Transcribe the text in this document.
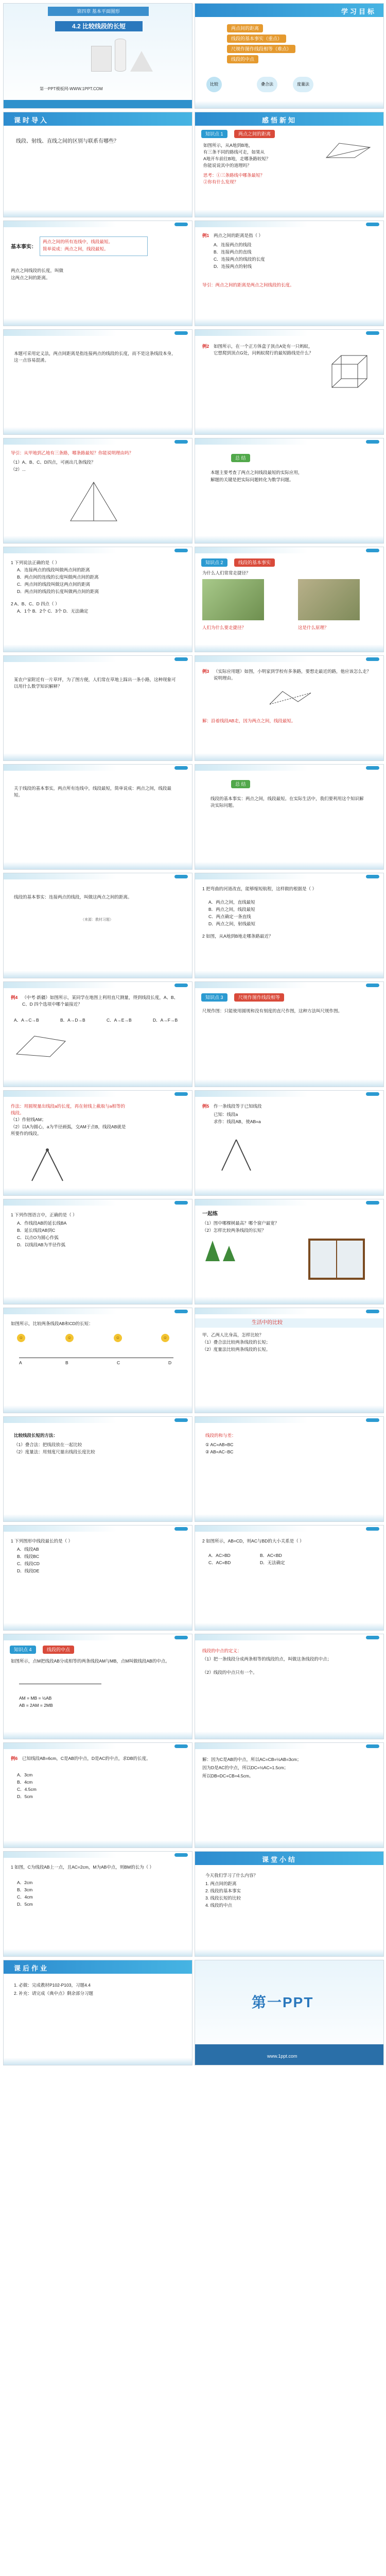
第四章 基本平面图形
4.2 比较线段的长短
第一PPT模板网-WWW.1PPT.COM
学习目标
两点间的距离
线段的基本事实（重点）
尺规作图作线段相等（难点）
线段的中点
比较	叠合法	度量法
课时导入
线段、射线、直线之间的区别与联系有哪些？
感悟新知
知识点 1	两点之间的距离
如图所示，从A地到B地，
有三条不同的路线可走，如果从
A地开车前往B地，走哪条路较短？
你能说说其中的道理吗？
思考：①三条路线中哪条最短？
②你有什么发现？
基本事实：
两点之间的所有连线中，线段最短。
简单说成：两点之间，线段最短。
两点之间线段的长度，叫做
这两点之间的距离。
例1 两点之间的距离是指（ ）
A．连接两点的线段
B．连接两点的直线
C．连接两点的线段的长度
D．连接两点的射线
导引：两点之间的距离是两点之间线段的长度。
本题可采用定义法，两点间距离是指连接两点的线段的长度，而不是这条线段本身，这一点容易混淆。
例2 如图所示，在一个正方体盒子顶点A处有一只蚂蚁，它想爬到顶点G处，问蚂蚁爬行的最短路线是什么？
导引：从甲地到乙地有三条路，哪条路最短？你能说明理由吗？
（1）A、B、C、D四点，可画出几条线段？
（2）...
总 结
本题主要考查了两点之间线段最短的实际应用，
解题的关键是把实际问题转化为数学问题。
1 下列说法正确的是（ ）
A．连接两点的线段叫做两点间的距离
B．两点间的连线的长度叫做两点间的距离
C．两点间的线段叫做这两点间的距离
D．两点间的线段的长度叫做两点间的距离
2 A、B、C、D 四点（ ）
A．1个 B．2个 C．3个 D．无法确定
知识点 2	线段的基本事实
为什么人们常常走捷径？
人们为什么要走捷径？	这是什么原理？
某农户家附近有一片草坪，为了图方便，人们常在草地上踩出一条小路，这种现象可以用什么数学知识解释？
例3 （实际应用题）如图，小明家到学校有多条路，要想走最近的路，他应该怎么走？说明理由。
解：沿着线段AB走，因为两点之间，线段最短。
关于线段的基本事实，两点所有连线中，线段最短，简单说成：两点之间，线段最短。
总 结
线段的基本事实：两点之间，线段最短。在实际生活中，我们要利用这个知识解决实际问题。
线段的基本事实：连接两点的线段，叫做这两点之间的距离。
（来源：教材习题）
1 把弯曲的河道改直，能够缩短航程，这样做的根据是（ ）
A．两点之间，直线最短
B．两点之间，线段最短
C．两点确定一条直线
D．两点之间，射线最短
2 如图，从A地到B地走哪条路最近？
例4 （中考·新疆）如图所示，某同学在地图上利用直尺测量，得到线段长度，A、B、C、D 四个选项中哪个最接近？
A．A→C→B	B．A→D→B	C．A→E→B	D．A→F→B
知识点 3	尺规作图作线段相等
尺规作图：只能使用圆规和没有刻度的直尺作图，这种方法叫尺规作图。
作法：用圆规量出线段a的长度，再在射线上截取与a相等的线段。
（1）作射线AM；
（2）以A为圆心，a为半径画弧，交AM于点B，线段AB就是所要作的线段。
例5 作一条线段等于已知线段
已知：线段a
求作：线段AB，使AB=a
1 下列作图语言中，正确的是（ ）
A．作线段AB的延长线BA
B．延长线段AB到C
C．以点O为圆心作弧
D．以线段AB为半径作弧
一起练
（1）图中哪棵树最高？哪个窗户最宽？
（2）怎样比较两条线段的长短？
如图所示，比较两条线段AB和CD的长短：
☺	☺	☺	☺
A	B	C	D
生活中的比较
甲、乙两人比身高，怎样比较？
（1）叠合法比较两条线段的长短；
（2）度量法比较两条线段的长短。
比较线段长短的方法：
（1）叠合法：把线段放在一起比较
（2）度量法：用刻度尺量出线段长度比较
线段的和与差：
① AC=AB+BC
② AB=AC−BC
1 下列图形中线段最长的是（ ）
A．线段AB
B．线段BC
C．线段CD
D．线段DE
2 如图所示，AB=CD，则AC与BD的大小关系是（ ）
A．AC>BD	B．AC<BD
C．AC=BD	D．无法确定
知识点 4	线段的中点
如图所示，点M把线段AB分成相等的两条线段AM与MB，点M叫做线段AB的中点。
AM = MB = ½AB
AB = 2AM = 2MB
线段的中点的定义：
（1）把一条线段分成两条相等的线段的点，叫做这条线段的中点；
（2）线段的中点只有一个。
例6 已知线段AB=6cm，C是AB的中点，D是AC的中点，求DB的长度。
A．3cm
B．4cm
C．4.5cm
D．5cm
解：因为C是AB的中点，所以AC=CB=½AB=3cm；
因为D是AC的中点，所以DC=½AC=1.5cm；
所以DB=DC+CB=4.5cm。
1 如图，C为线段AB上一点，且AC=2cm，M为AB中点，则BM的长为（ ）
A．2cm
B．3cm
C．4cm
D．5cm
课堂小结
今天我们学习了什么内容？
1. 两点间的距离
2. 线段的基本事实
3. 线段长短的比较
4. 线段的中点
课后作业
1. 必做：完成教材P102-P103，习题4.4
2. 补充：请完成《典中点》剩余部分习题
第一PPT
www.1ppt.com
